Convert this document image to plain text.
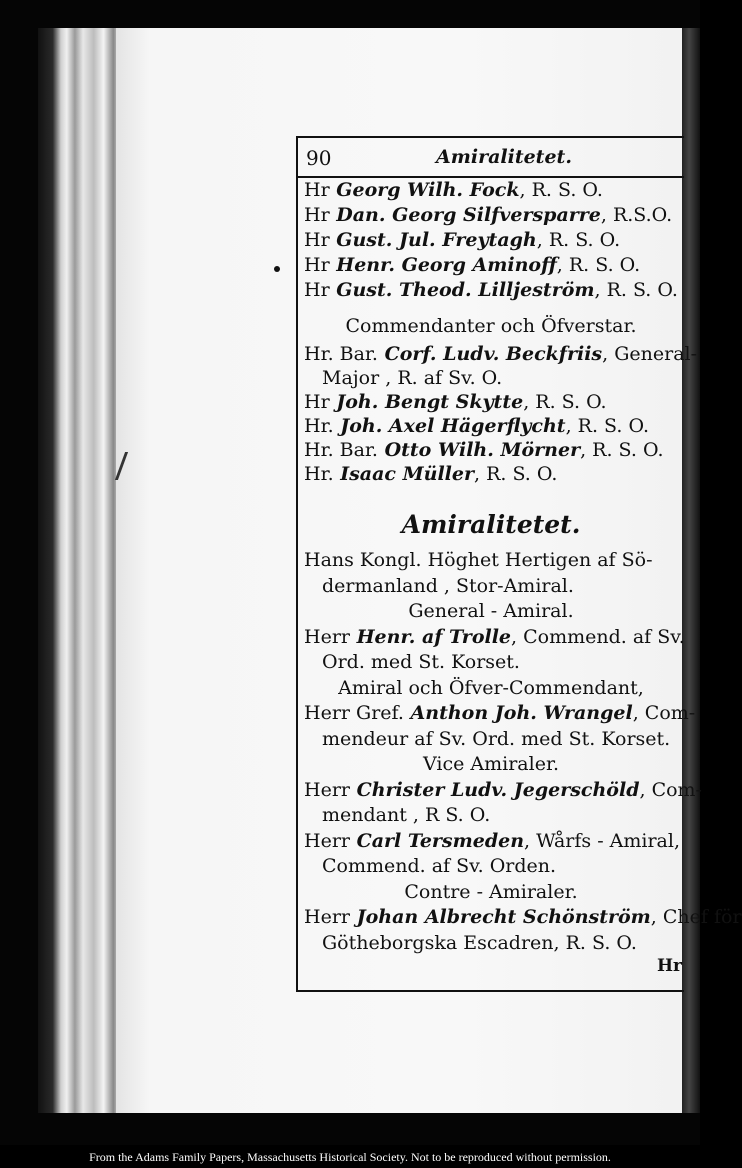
90	Amiralitetet.
Hr Georg Wilh. Fock, R. S. O.
Hr Dan. Georg Silfversparre, R.S.O.
Hr Gust. Jul. Freytagh, R. S. O.
Hr Henr. Georg Aminoff, R. S. O.
Hr Gust. Theod. Lilljeström, R. S. O.
Commendanter och Öfverstar.
Hr. Bar. Corf. Ludv. Beckfriis, General-
Major , R. af Sv. O.
Hr Joh. Bengt Skytte, R. S. O.
Hr. Joh. Axel Hägerflycht, R. S. O.
Hr. Bar. Otto Wilh. Mörner, R. S. O.
Hr. Isaac Müller, R. S. O.
Amiralitetet.
Hans Kongl. Höghet Hertigen af Sö-
dermanland , Stor-Amiral.
General - Amiral.
Herr Henr. af Trolle, Commend. af Sv.
Ord. med St. Korset.
Amiral och Öfver-Commendant,
Herr Gref. Anthon Joh. Wrangel, Com-
mendeur af Sv. Ord. med St. Korset.
Vice Amiraler.
Herr Christer Ludv. Jegerschöld, Com-
mendant , R S. O.
Herr Carl Tersmeden, Wårfs - Amiral,
Commend. af Sv. Orden.
Contre - Amiraler.
Herr Johan Albrecht Schönström, Chef för
Götheborgska Escadren, R. S. O.
Hr
From the Adams Family Papers, Massachusetts Historical Society. Not to be reproduced without permission.
